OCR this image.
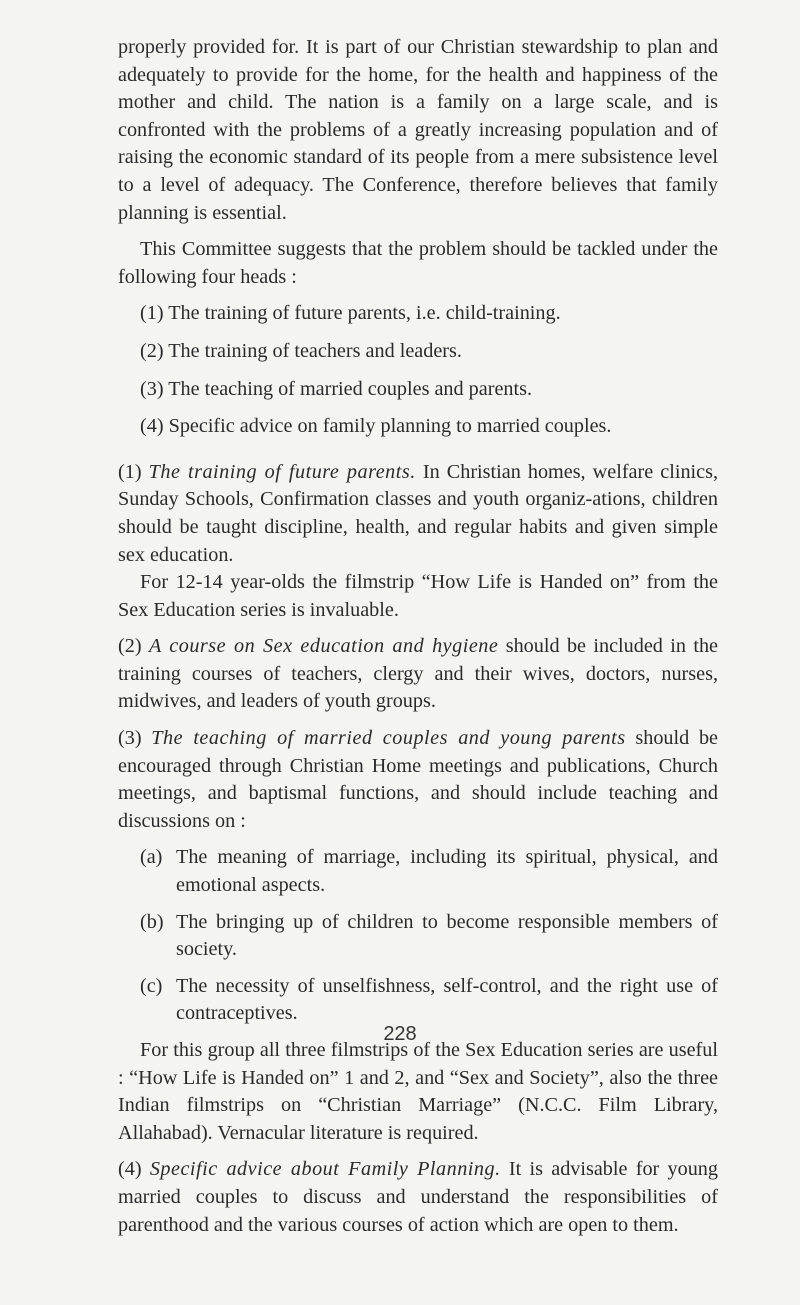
properly provided for. It is part of our Christian stewardship to plan and adequately to provide for the home, for the health and happiness of the mother and child. The nation is a family on a large scale, and is confronted with the problems of a greatly increasing population and of raising the economic standard of its people from a mere subsistence level to a level of adequacy. The Conference, therefore believes that family planning is essential.

This Committee suggests that the problem should be tackled under the following four heads :

(1) The training of future parents, i.e. child-training.

(2) The training of teachers and leaders.

(3) The teaching of married couples and parents.

(4) Specific advice on family planning to married couples.

(1) The training of future parents. In Christian homes, welfare clinics, Sunday Schools, Confirmation classes and youth organiz-ations, children should be taught discipline, health, and regular habits and given simple sex education.

For 12-14 year-olds the filmstrip “How Life is Handed on” from the Sex Education series is invaluable.

(2) A course on Sex education and hygiene should be included in the training courses of teachers, clergy and their wives, doctors, nurses, midwives, and leaders of youth groups.

(3) The teaching of married couples and young parents should be encouraged through Christian Home meetings and publications, Church meetings, and baptismal functions, and should include teaching and discussions on :

(a) The meaning of marriage, including its spiritual, physical, and emotional aspects.

(b) The bringing up of children to become responsible members of society.

(c) The necessity of unselfishness, self-control, and the right use of contraceptives.

For this group all three filmstrips of the Sex Education series are useful : “How Life is Handed on” 1 and 2, and “Sex and Society”, also the three Indian filmstrips on “Christian Marriage” (N.C.C. Film Library, Allahabad). Vernacular literature is required.

(4) Specific advice about Family Planning. It is advisable for young married couples to discuss and understand the responsibilities of parenthood and the various courses of action which are open to them.

228
